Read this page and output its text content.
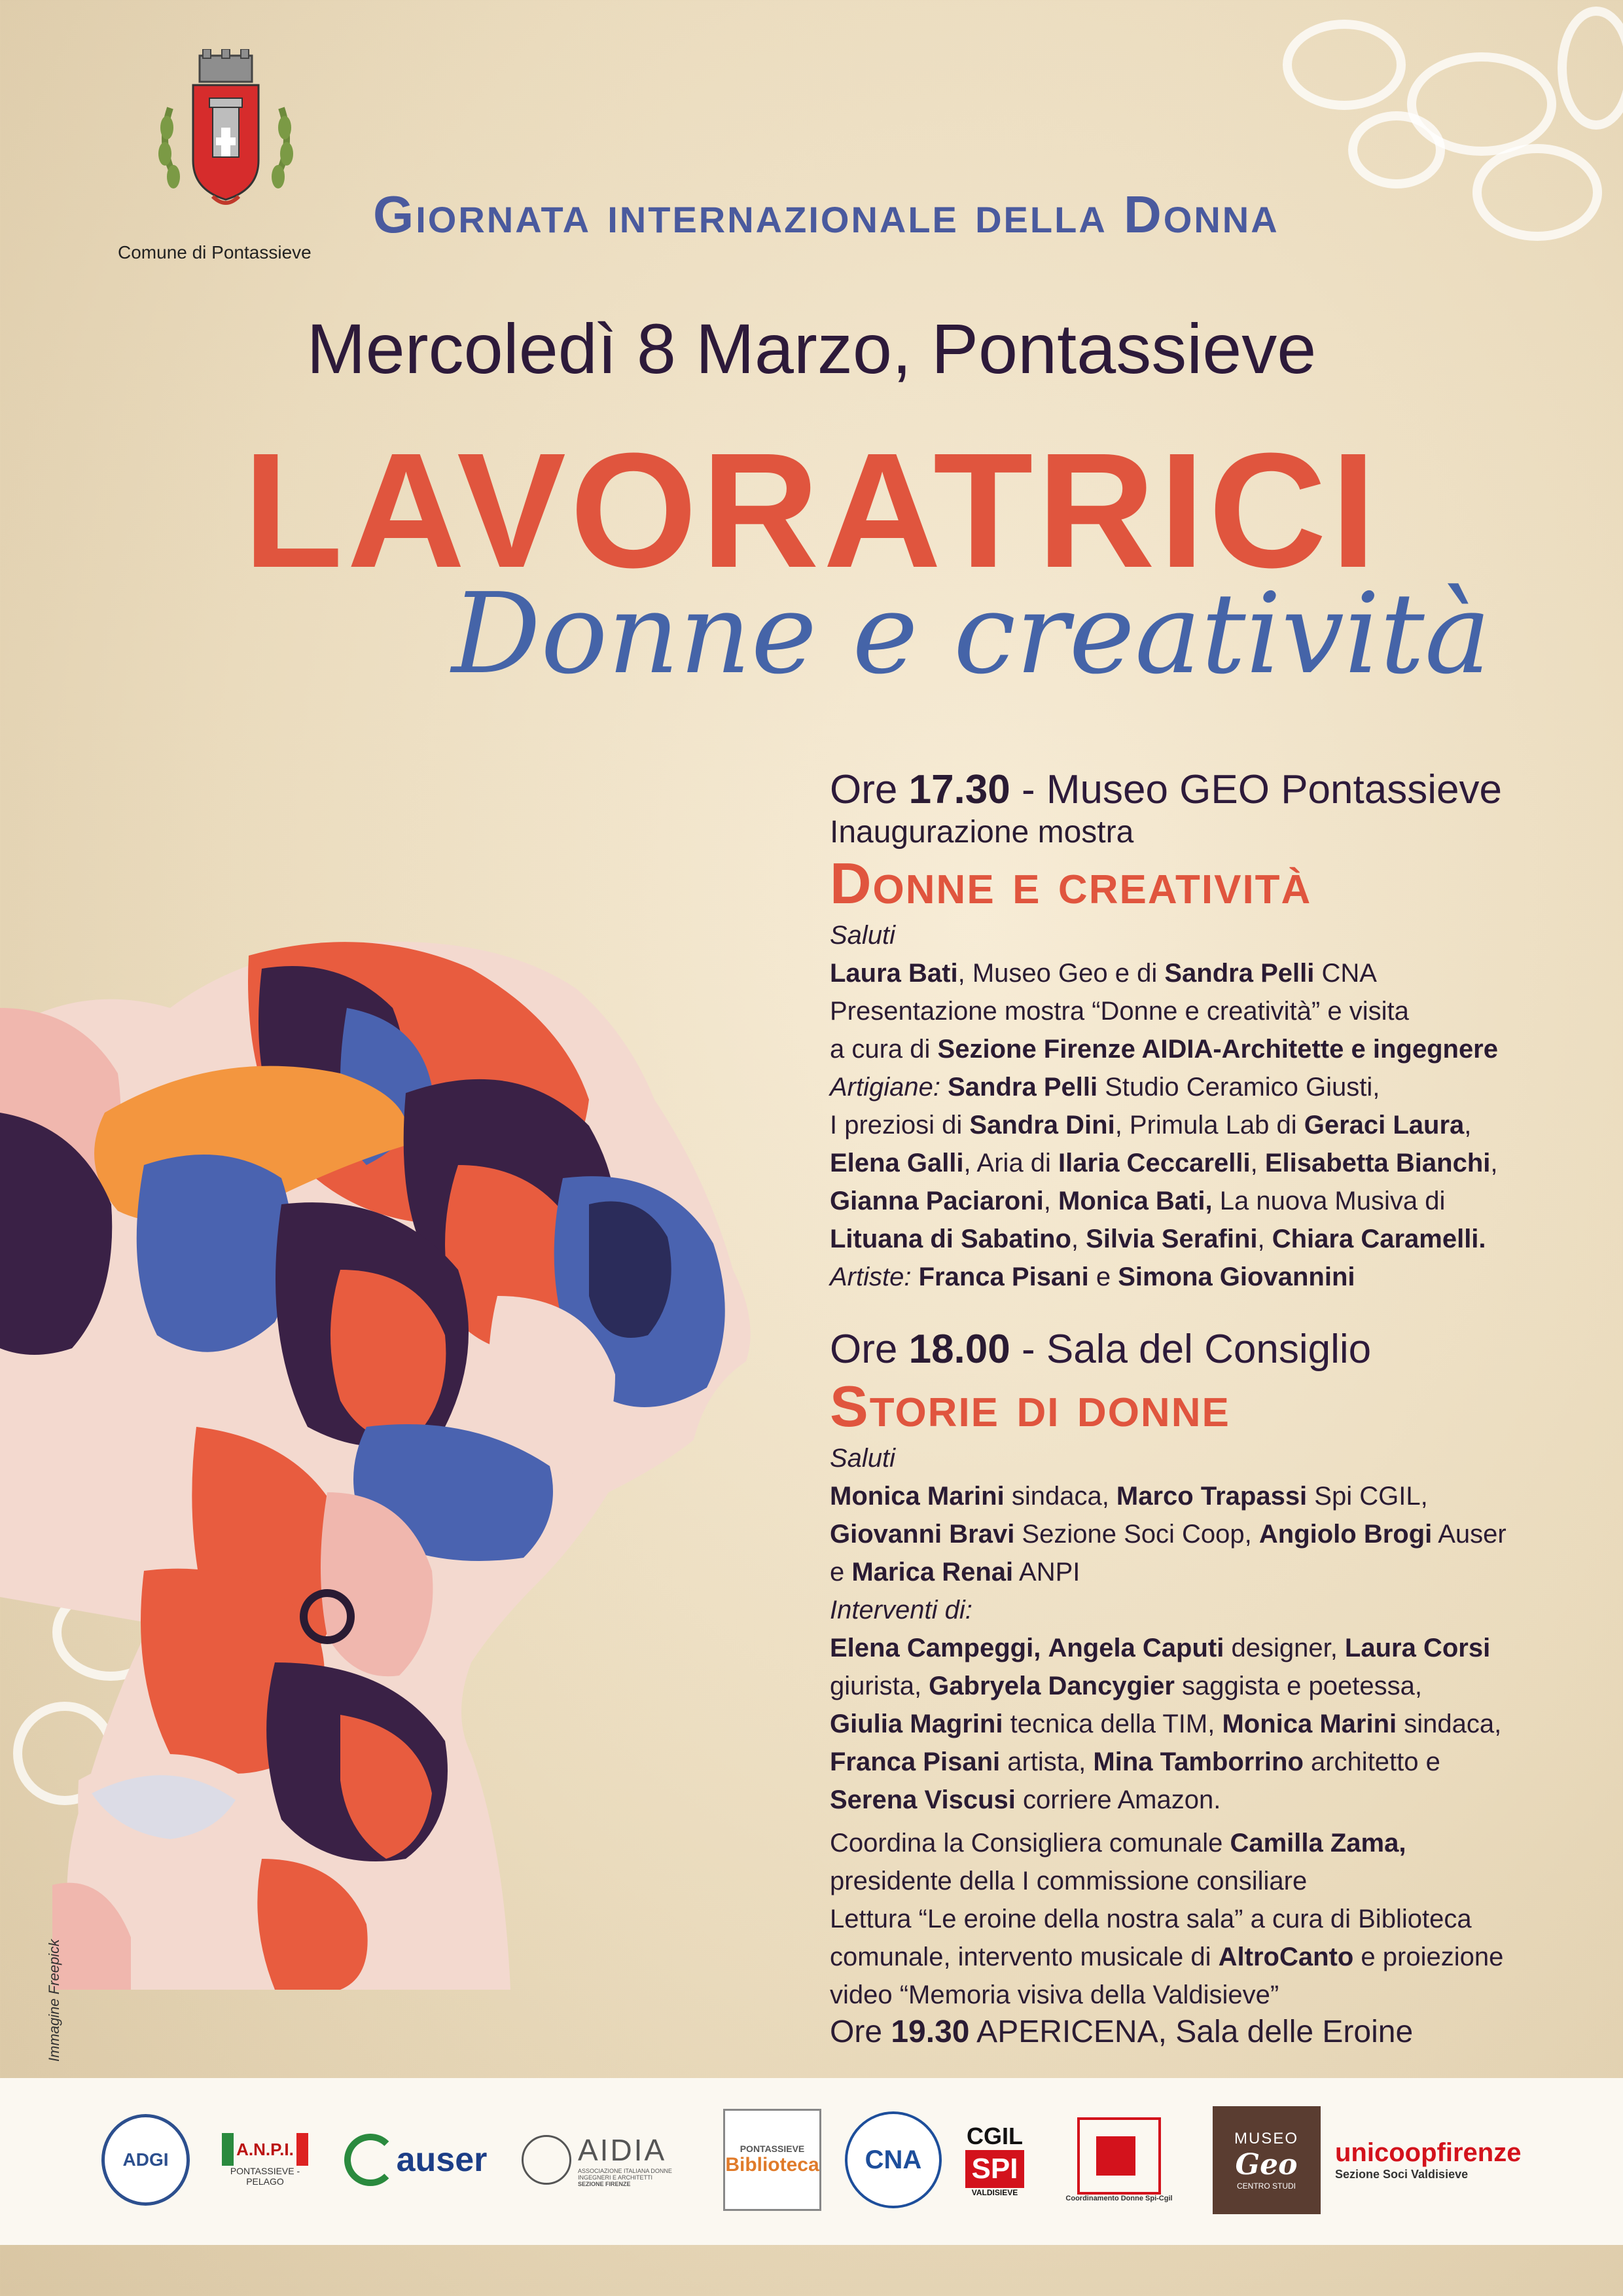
Comune di Pontassieve
Giornata internazionale della Donna
Mercoledì 8 Marzo, Pontassieve
LAVORATRICI
Donne e creatività
Immagine Freepick
Ore 17.30 - Museo GEO Pontassieve
Inaugurazione mostra
Donne e creatività
Saluti
Laura Bati, Museo Geo e di Sandra Pelli CNA
Presentazione mostra “Donne e creatività” e visita
a cura di Sezione Firenze AIDIA-Architette e ingegnere
Artigiane: Sandra Pelli Studio Ceramico Giusti,
I preziosi di Sandra Dini, Primula Lab di Geraci Laura,
Elena Galli, Aria di Ilaria Ceccarelli, Elisabetta Bianchi,
Gianna Paciaroni, Monica Bati, La nuova Musiva di
Lituana di Sabatino, Silvia Serafini, Chiara Caramelli.
Artiste: Franca Pisani e Simona Giovannini
Ore 18.00 - Sala del Consiglio
Storie di donne
Saluti
Monica Marini sindaca, Marco Trapassi Spi CGIL,
Giovanni Bravi Sezione Soci Coop, Angiolo Brogi Auser
e Marica Renai ANPI
Interventi di:
Elena Campeggi, Angela Caputi designer, Laura Corsi
giurista, Gabryela Dancygier saggista e poetessa,
Giulia Magrini tecnica della TIM, Monica Marini sindaca,
Franca Pisani artista, Mina Tamborrino architetto e
Serena Viscusi corriere Amazon.
Coordina la Consigliera comunale Camilla Zama,
presidente della I commissione consiliare
Lettura “Le eroine della nostra sala” a cura di Biblioteca
comunale, intervento musicale di AltroCanto e proiezione
video “Memoria visiva della Valdisieve”
Ore 19.30 APERICENA, Sala delle Eroine
ADGI
A.N.P.I.
PONTASSIEVE - PELAGO
auser	AIDIA
ASSOCIAZIONE ITALIANA DONNE INGEGNERI E ARCHITETTI
SEZIONE FIRENZE
PONTASSIEVE
Biblioteca	CNA
CGIL
SPI
VALDISIEVE
Coordinamento Donne Spi-Cgil
MUSEO
Geo
CENTRO STUDI
unicoopfirenze
Sezione Soci Valdisieve
